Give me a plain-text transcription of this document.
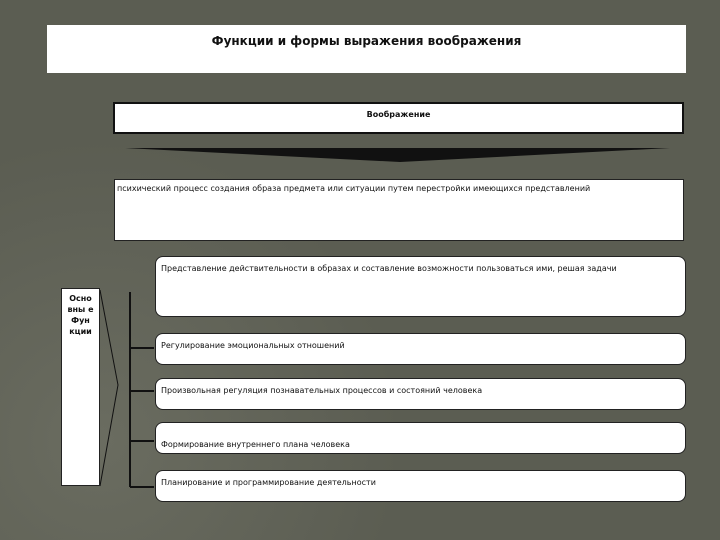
Функции и формы выражения воображения
Воображение
психический процесс создания образа предмета или ситуации путем перестройки имеющихся представлений
Осно вны е Фун кции
Представление действительности в образах и составление возможности пользоваться ими, решая задачи
Регулирование эмоциональных отношений
Произвольная регуляция познавательных процессов и состояний человека
Формирование внутреннего плана человека
Планирование и программирование деятельности
